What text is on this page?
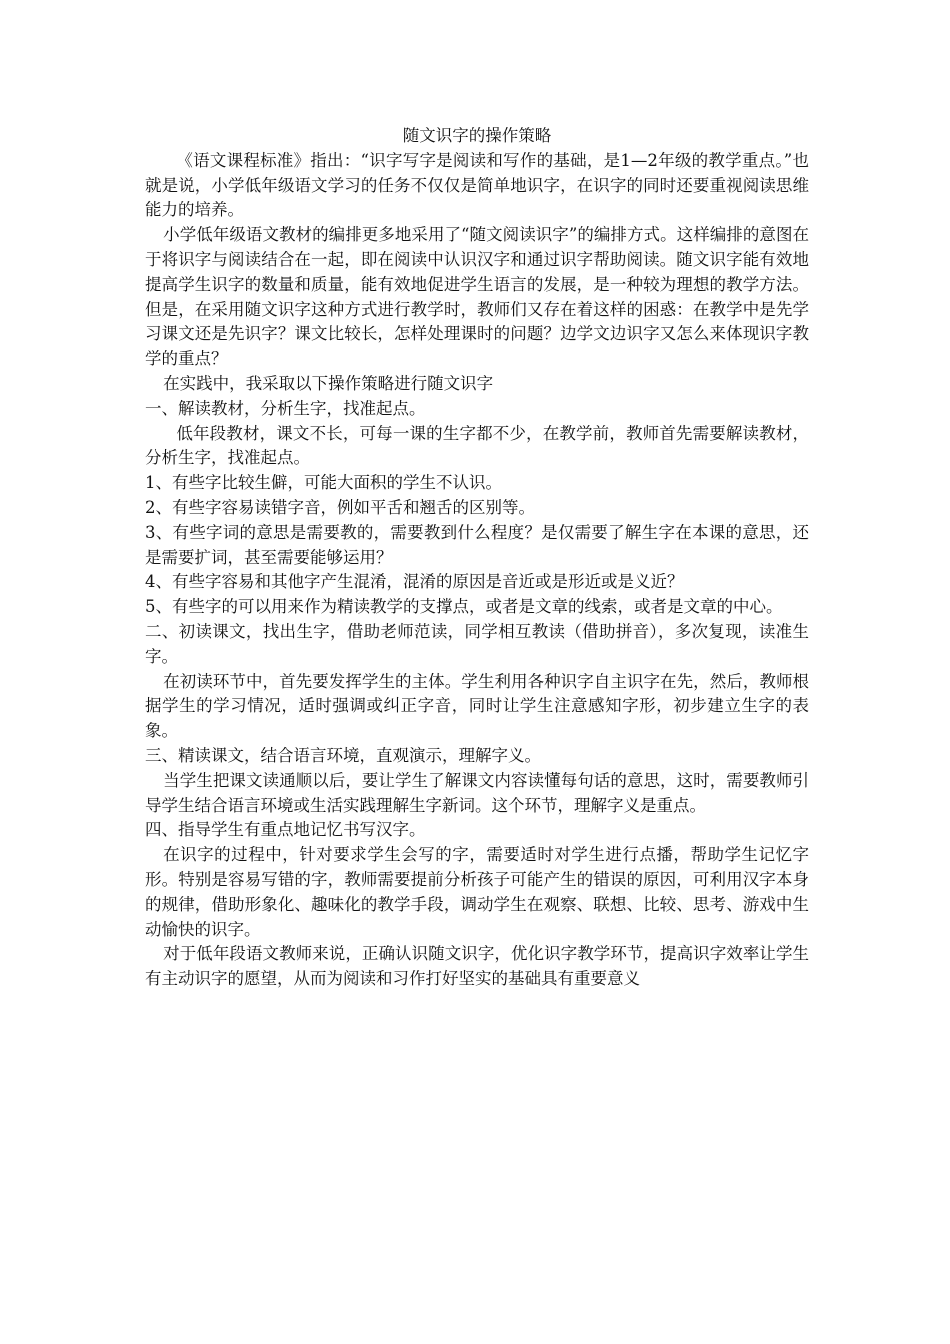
随文识字的操作策略

《语文课程标准》指出：“识字写字是阅读和写作的基础，是1—2年级的教学重点。”也就是说，小学低年级语文学习的任务不仅仅是简单地识字，在识字的同时还要重视阅读思维能力的培养。

小学低年级语文教材的编排更多地采用了“随文阅读识字”的编排方式。这样编排的意图在于将识字与阅读结合在一起，即在阅读中认识汉字和通过识字帮助阅读。随文识字能有效地提高学生识字的数量和质量，能有效地促进学生语言的发展，是一种较为理想的教学方法。但是，在采用随文识字这种方式进行教学时，教师们又存在着这样的困惑：在教学中是先学习课文还是先识字？课文比较长，怎样处理课时的问题？边学文边识字又怎么来体现识字教学的重点？

在实践中，我采取以下操作策略进行随文识字

一、解读教材，分析生字，找准起点。

低年段教材，课文不长，可每一课的生字都不少，在教学前，教师首先需要解读教材，分析生字，找准起点。

1、有些字比较生僻，可能大面积的学生不认识。

2、有些字容易读错字音，例如平舌和翘舌的区别等。

3、有些字词的意思是需要教的，需要教到什么程度？是仅需要了解生字在本课的意思，还是需要扩词，甚至需要能够运用？

4、有些字容易和其他字产生混淆，混淆的原因是音近或是形近或是义近？

5、有些字的可以用来作为精读教学的支撑点，或者是文章的线索，或者是文章的中心。

二、初读课文，找出生字，借助老师范读，同学相互教读（借助拼音），多次复现，读准生字。

在初读环节中，首先要发挥学生的主体。学生利用各种识字自主识字在先，然后，教师根据学生的学习情况，适时强调或纠正字音，同时让学生注意感知字形，初步建立生字的表象。

三、精读课文，结合语言环境，直观演示，理解字义。

当学生把课文读通顺以后，要让学生了解课文内容读懂每句话的意思，这时，需要教师引导学生结合语言环境或生活实践理解生字新词。这个环节，理解字义是重点。

四、指导学生有重点地记忆书写汉字。

在识字的过程中，针对要求学生会写的字，需要适时对学生进行点播，帮助学生记忆字形。特别是容易写错的字，教师需要提前分析孩子可能产生的错误的原因，可利用汉字本身的规律，借助形象化、趣味化的教学手段，调动学生在观察、联想、比较、思考、游戏中生动愉快的识字。

对于低年段语文教师来说，正确认识随文识字，优化识字教学环节，提高识字效率让学生有主动识字的愿望，从而为阅读和习作打好坚实的基础具有重要意义
